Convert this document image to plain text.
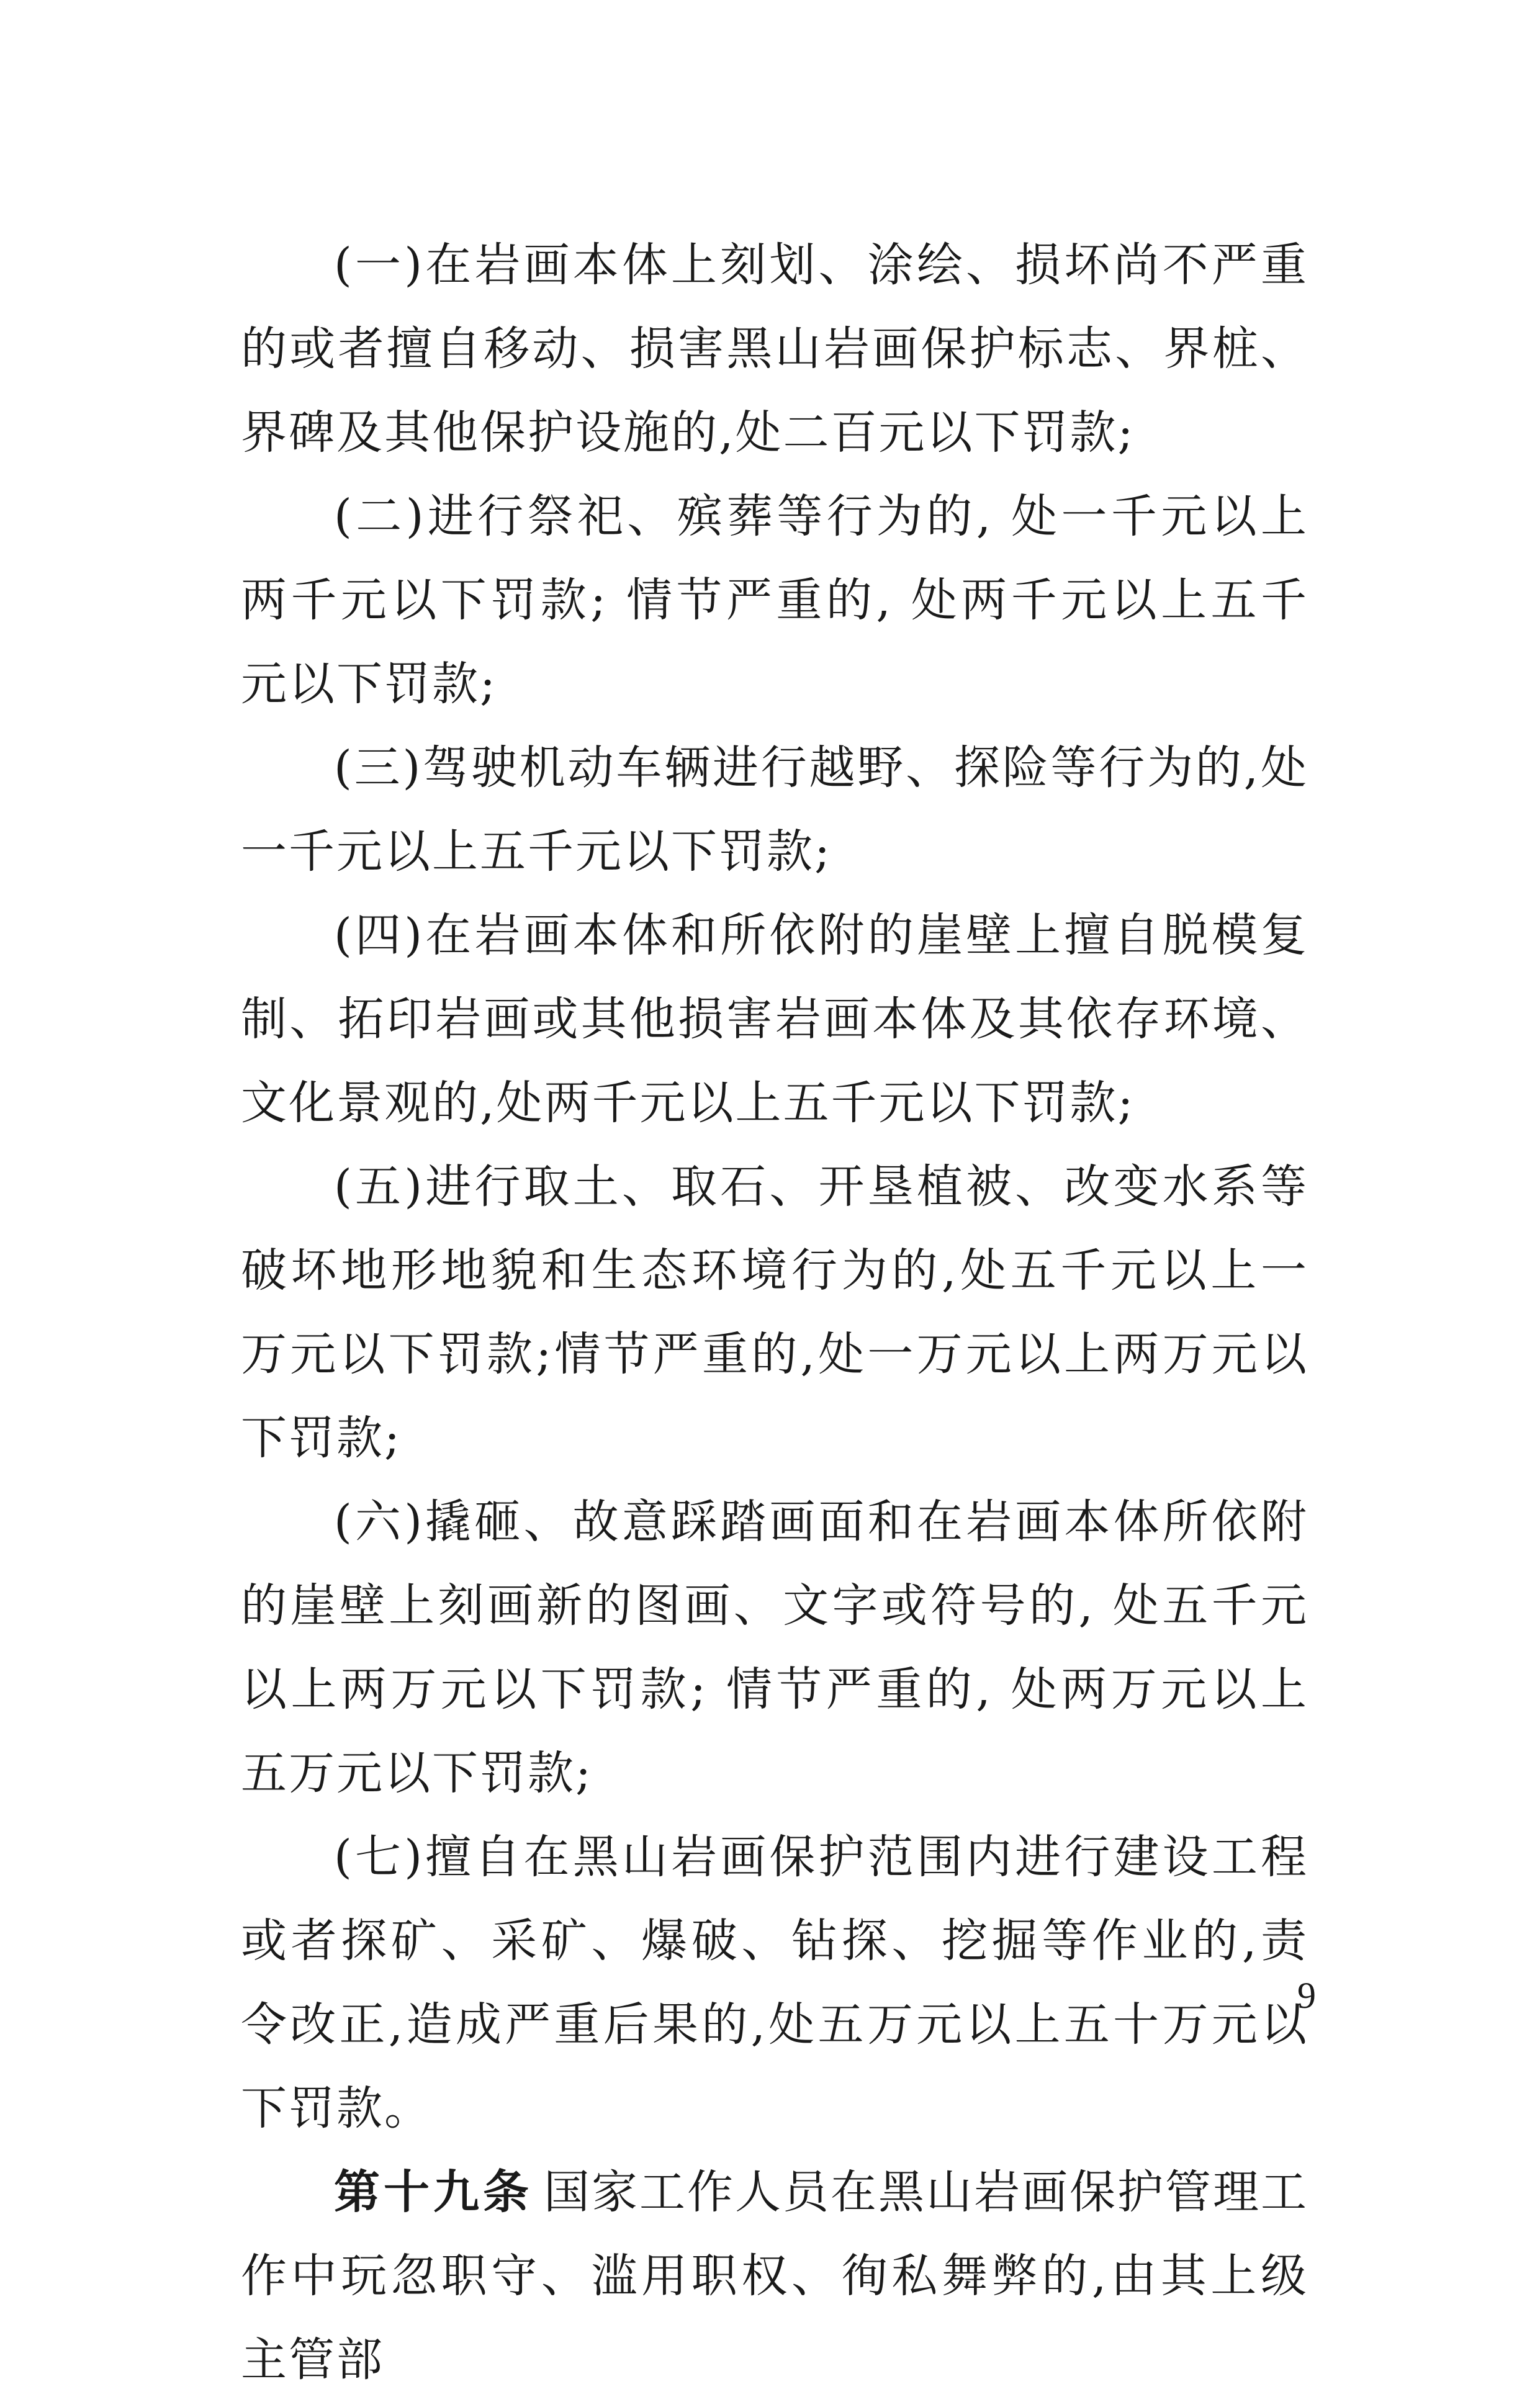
(一)在岩画本体上刻划、涂绘、损坏尚不严重的或者擅自移动、损害黑山岩画保护标志、界桩、界碑及其他保护设施的,处二百元以下罚款;

(二)进行祭祀、殡葬等行为的, 处一千元以上两千元以下罚款; 情节严重的, 处两千元以上五千元以下罚款;

(三)驾驶机动车辆进行越野、探险等行为的,处一千元以上五千元以下罚款;

(四)在岩画本体和所依附的崖壁上擅自脱模复制、拓印岩画或其他损害岩画本体及其依存环境、文化景观的,处两千元以上五千元以下罚款;

(五)进行取土、取石、开垦植被、改变水系等破坏地形地貌和生态环境行为的,处五千元以上一万元以下罚款;情节严重的,处一万元以上两万元以下罚款;

(六)撬砸、故意踩踏画面和在岩画本体所依附的崖壁上刻画新的图画、文字或符号的, 处五千元以上两万元以下罚款; 情节严重的, 处两万元以上五万元以下罚款;

(七)擅自在黑山岩画保护范围内进行建设工程或者探矿、采矿、爆破、钻探、挖掘等作业的,责令改正,造成严重后果的,处五万元以上五十万元以下罚款。

第十九条 国家工作人员在黑山岩画保护管理工作中玩忽职守、滥用职权、徇私舞弊的,由其上级主管部

9
